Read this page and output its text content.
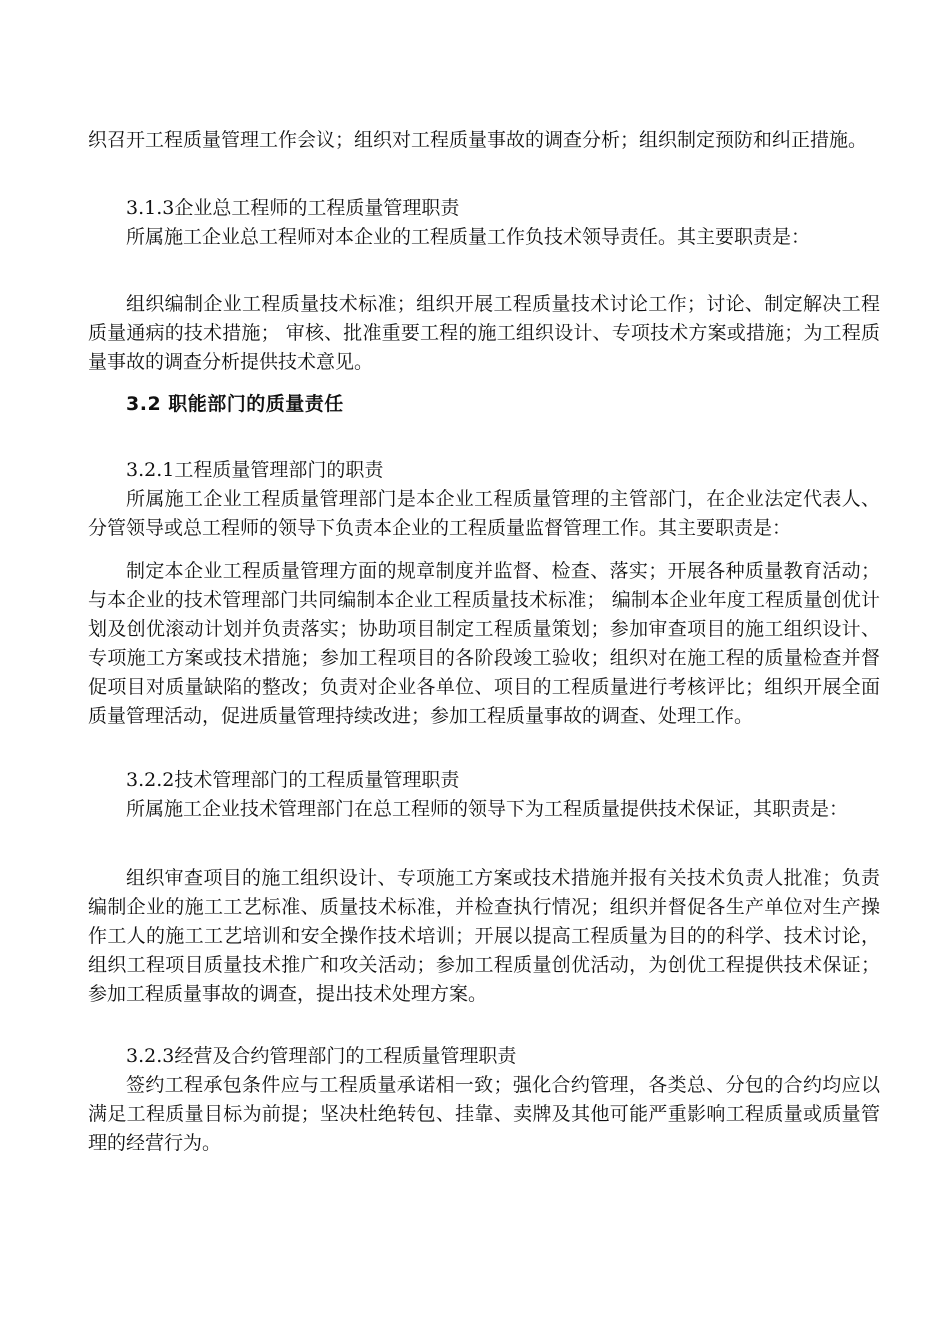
织召开工程质量管理工作会议；组织对工程质量事故的调查分析；组织制定预防和纠正措施。

3.1.3企业总工程师的工程质量管理职责

所属施工企业总工程师对本企业的工程质量工作负技术领导责任。其主要职责是：

组织编制企业工程质量技术标准；组织开展工程质量技术讨论工作；讨论、制定解决工程质量通病的技术措施； 审核、批准重要工程的施工组织设计、专项技术方案或措施；为工程质量事故的调查分析提供技术意见。

3.2 职能部门的质量责任

3.2.1工程质量管理部门的职责

所属施工企业工程质量管理部门是本企业工程质量管理的主管部门，在企业法定代表人、分管领导或总工程师的领导下负责本企业的工程质量监督管理工作。其主要职责是：

制定本企业工程质量管理方面的规章制度并监督、检查、落实；开展各种质量教育活动；与本企业的技术管理部门共同编制本企业工程质量技术标准； 编制本企业年度工程质量创优计划及创优滚动计划并负责落实；协助项目制定工程质量策划；参加审查项目的施工组织设计、专项施工方案或技术措施；参加工程项目的各阶段竣工验收；组织对在施工程的质量检查并督促项目对质量缺陷的整改；负责对企业各单位、项目的工程质量进行考核评比；组织开展全面质量管理活动，促进质量管理持续改进；参加工程质量事故的调查、处理工作。

3.2.2技术管理部门的工程质量管理职责

所属施工企业技术管理部门在总工程师的领导下为工程质量提供技术保证，其职责是：

组织审查项目的施工组织设计、专项施工方案或技术措施并报有关技术负责人批准；负责编制企业的施工工艺标准、质量技术标准，并检查执行情况；组织并督促各生产单位对生产操作工人的施工工艺培训和安全操作技术培训；开展以提高工程质量为目的的科学、技术讨论，组织工程项目质量技术推广和攻关活动；参加工程质量创优活动，为创优工程提供技术保证；参加工程质量事故的调查，提出技术处理方案。

3.2.3经营及合约管理部门的工程质量管理职责

签约工程承包条件应与工程质量承诺相一致；强化合约管理，各类总、分包的合约均应以满足工程质量目标为前提；坚决杜绝转包、挂靠、卖牌及其他可能严重影响工程质量或质量管理的经营行为。
